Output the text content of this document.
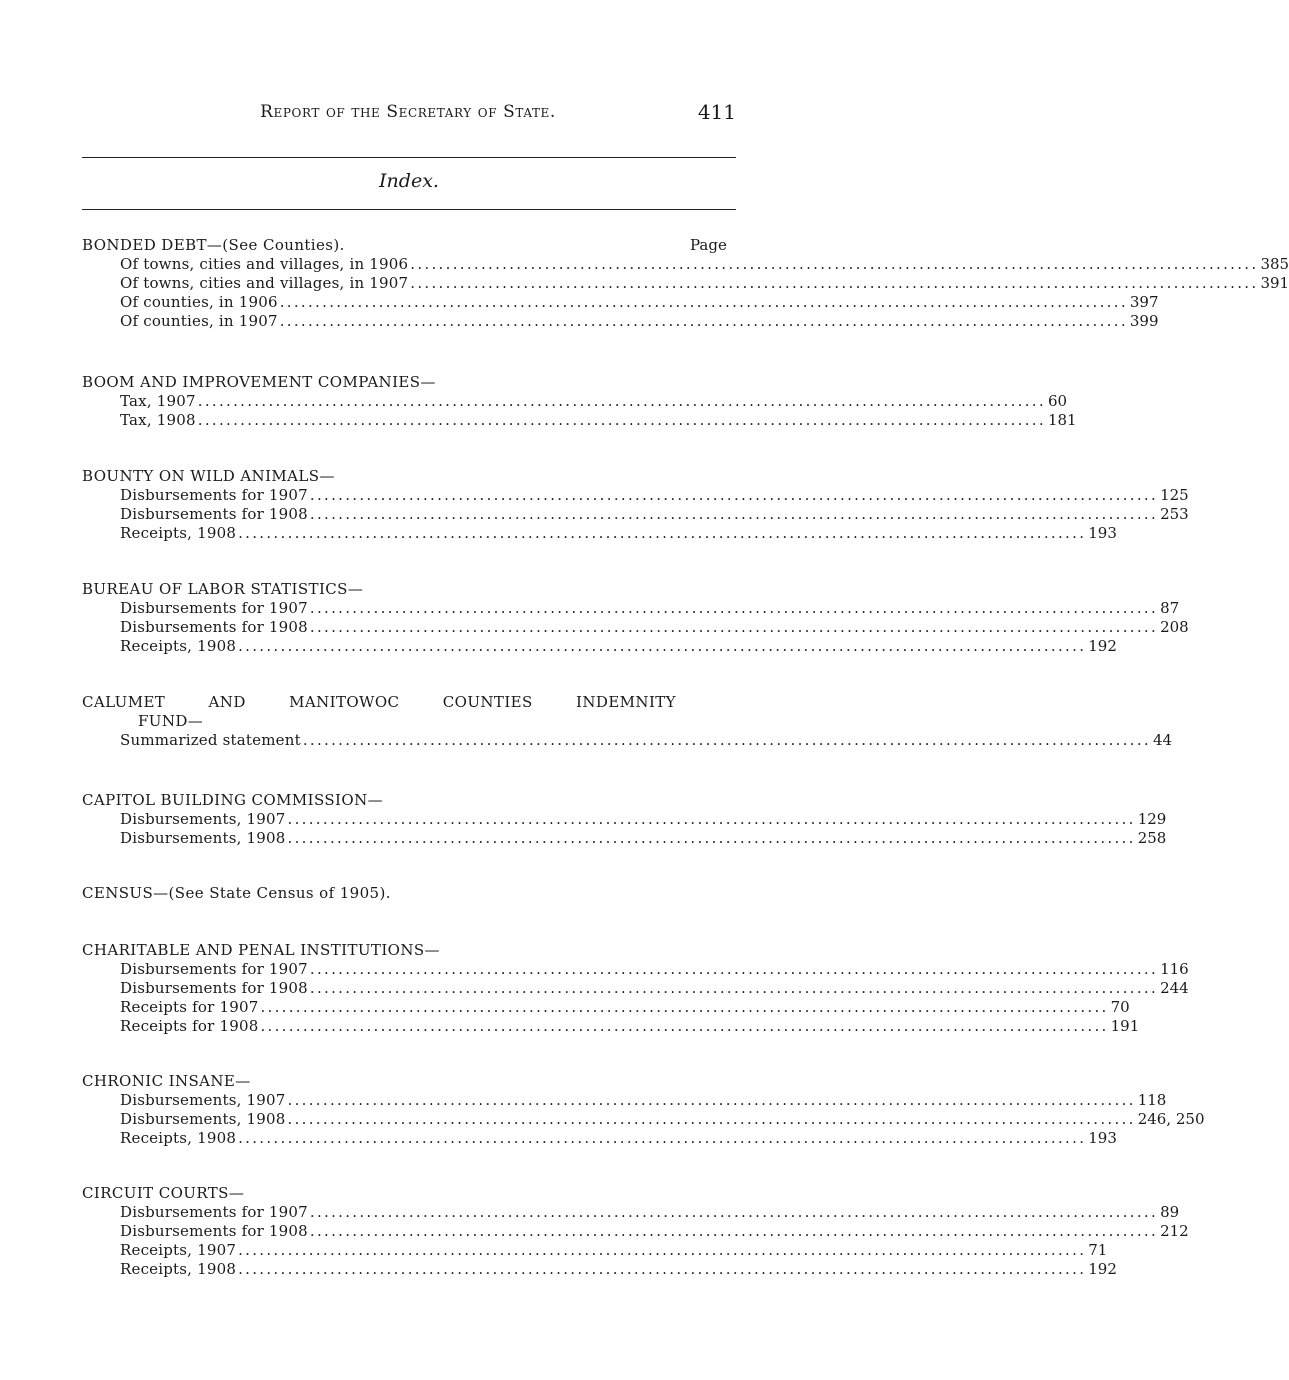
Report of the Secretary of State.	411
Index.
Page
BONDED DEBT—(See Counties).
Of towns, cities and villages, in 1906 ........................................................................................................................ 385
Of towns, cities and villages, in 1907 ........................................................................................................................ 391
Of counties, in 1906 ........................................................................................................................ 397
Of counties, in 1907 ........................................................................................................................ 399
BOOM AND IMPROVEMENT COMPANIES—
Tax, 1907 ........................................................................................................................ 60
Tax, 1908 ........................................................................................................................ 181
BOUNTY ON WILD ANIMALS—
Disbursements for 1907 ........................................................................................................................ 125
Disbursements for 1908 ........................................................................................................................ 253
Receipts, 1908 ........................................................................................................................ 193
BUREAU OF LABOR STATISTICS—
Disbursements for 1907 ........................................................................................................................ 87
Disbursements for 1908 ........................................................................................................................ 208
Receipts, 1908 ........................................................................................................................ 192
CALUMET AND MANITOWOC COUNTIES INDEMNITY
FUND—
Summarized statement ........................................................................................................................ 44
CAPITOL BUILDING COMMISSION—
Disbursements, 1907 ........................................................................................................................ 129
Disbursements, 1908 ........................................................................................................................ 258
CENSUS—(See State Census of 1905).
CHARITABLE AND PENAL INSTITUTIONS—
Disbursements for 1907 ........................................................................................................................ 116
Disbursements for 1908 ........................................................................................................................ 244
Receipts for 1907 ........................................................................................................................ 70
Receipts for 1908 ........................................................................................................................ 191
CHRONIC INSANE—
Disbursements, 1907 ........................................................................................................................ 118
Disbursements, 1908 ........................................................................................................................ 246, 250
Receipts, 1908 ........................................................................................................................ 193
CIRCUIT COURTS—
Disbursements for 1907 ........................................................................................................................ 89
Disbursements for 1908 ........................................................................................................................ 212
Receipts, 1907 ........................................................................................................................ 71
Receipts, 1908 ........................................................................................................................ 192
